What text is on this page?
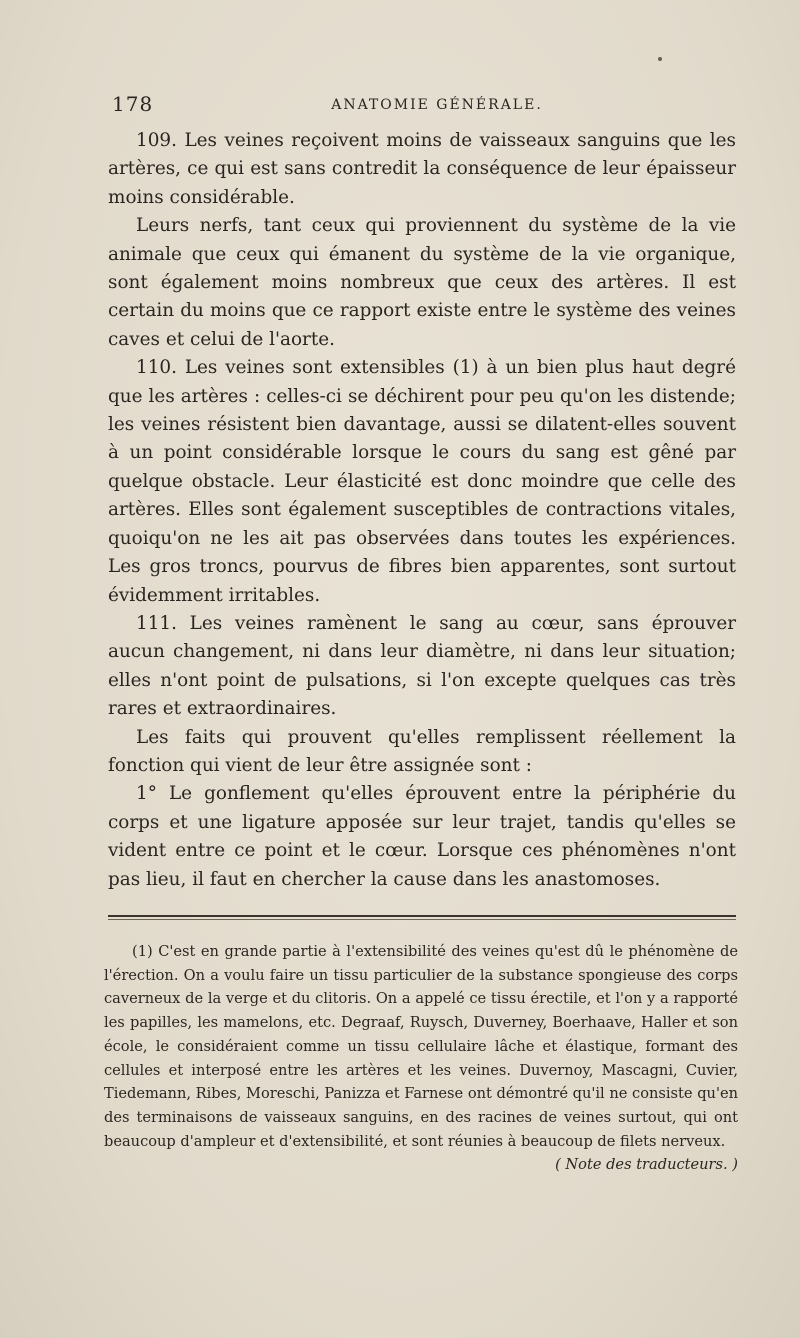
178	ANATOMIE GÉNÉRALE.

109. Les veines reçoivent moins de vaisseaux sanguins que les artères, ce qui est sans contredit la conséquence de leur épaisseur moins considérable.

Leurs nerfs, tant ceux qui proviennent du système de la vie animale que ceux qui émanent du système de la vie organique, sont également moins nombreux que ceux des artères. Il est certain du moins que ce rapport existe entre le système des veines caves et celui de l'aorte.

110. Les veines sont extensibles (1) à un bien plus haut degré que les artères : celles-ci se déchirent pour peu qu'on les distende; les veines résistent bien davantage, aussi se dilatent-elles souvent à un point considérable lorsque le cours du sang est gêné par quelque obstacle. Leur élasticité est donc moindre que celle des artères. Elles sont également susceptibles de contractions vitales, quoiqu'on ne les ait pas observées dans toutes les expériences. Les gros troncs, pourvus de fibres bien apparentes, sont surtout évidemment irritables.

111. Les veines ramènent le sang au cœur, sans éprouver aucun changement, ni dans leur diamètre, ni dans leur situation; elles n'ont point de pulsations, si l'on excepte quelques cas très rares et extraordinaires.

Les faits qui prouvent qu'elles remplissent réellement la fonction qui vient de leur être assignée sont :

1° Le gonflement qu'elles éprouvent entre la périphérie du corps et une ligature apposée sur leur trajet, tandis qu'elles se vident entre ce point et le cœur. Lorsque ces phénomènes n'ont pas lieu, il faut en chercher la cause dans les anastomoses.

(1) C'est en grande partie à l'extensibilité des veines qu'est dû le phénomène de l'érection. On a voulu faire un tissu particulier de la substance spongieuse des corps caverneux de la verge et du clitoris. On a appelé ce tissu érectile, et l'on y a rapporté les papilles, les mamelons, etc. Degraaf, Ruysch, Duverney, Boerhaave, Haller et son école, le considéraient comme un tissu cellulaire lâche et élastique, formant des cellules et interposé entre les artères et les veines. Duvernoy, Mascagni, Cuvier, Tiedemann, Ribes, Moreschi, Panizza et Farnese ont démontré qu'il ne consiste qu'en des terminaisons de vaisseaux sanguins, en des racines de veines surtout, qui ont beaucoup d'ampleur et d'extensibilité, et sont réunies à beaucoup de filets nerveux.
( Note des traducteurs. )
